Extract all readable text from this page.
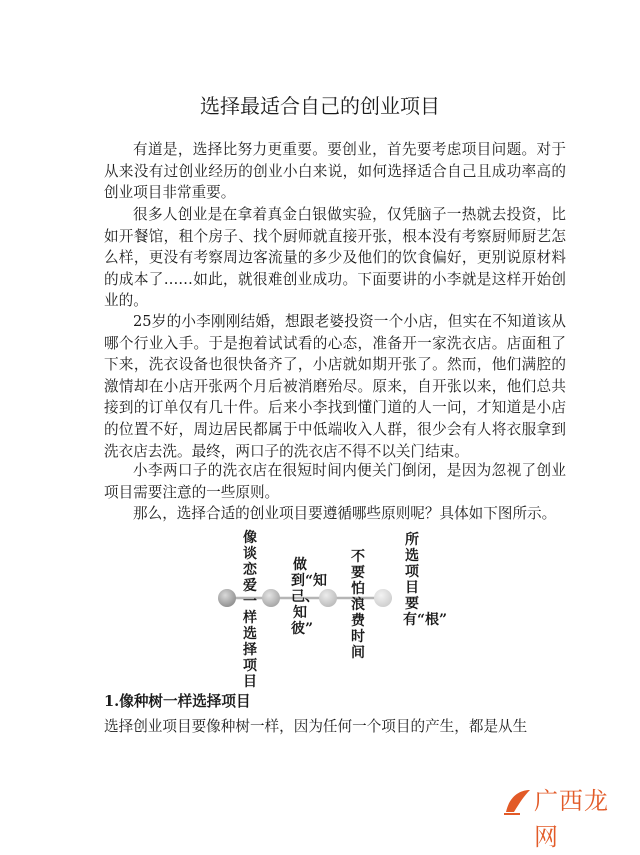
选择最适合自己的创业项目

有道是，选择比努力更重要。要创业，首先要考虑项目问题。对于从来没有过创业经历的创业小白来说，如何选择适合自己且成功率高的创业项目非常重要。

很多人创业是在拿着真金白银做实验，仅凭脑子一热就去投资，比如开餐馆，租个房子、找个厨师就直接开张，根本没有考察厨师厨艺怎么样，更没有考察周边客流量的多少及他们的饮食偏好，更别说原材料的成本了……如此，就很难创业成功。下面要讲的小李就是这样开始创业的。

25岁的小李刚刚结婚，想跟老婆投资一个小店，但实在不知道该从哪个行业入手。于是抱着试试看的心态，准备开一家洗衣店。店面租了下来，洗衣设备也很快备齐了，小店就如期开张了。然而，他们满腔的激情却在小店开张两个月后被消磨殆尽。原来，自开张以来，他们总共接到的订单仅有几十件。后来小李找到懂门道的人一问，才知道是小店的位置不好，周边居民都属于中低端收入人群，很少会有人将衣服拿到洗衣店去洗。最终，两口子的洗衣店不得不以关门结束。

小李两口子的洗衣店在很短时间内便关门倒闭，是因为忽视了创业项目需要注意的一些原则。

那么，选择合适的创业项目要遵循哪些原则呢？具体如下图所示。

像谈恋爱一样选择项目
做到“知己、知彼”
不要怕浪费时间
所选项目要有“根”
1.像种树一样选择项目

选择创业项目要像种树一样，因为任何一个项目的产生，都是从生

广西龙网
